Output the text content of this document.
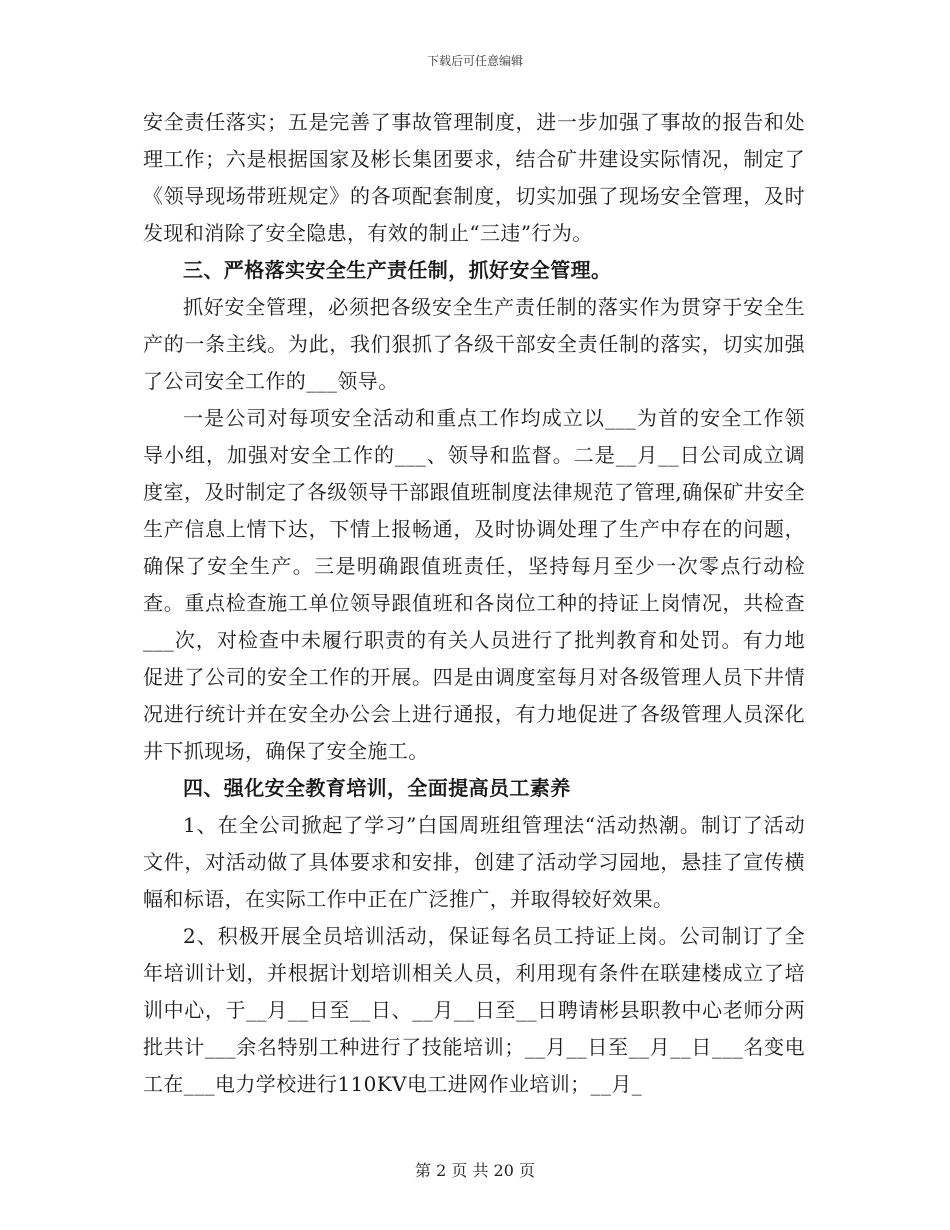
下载后可任意编辑

安全责任落实；五是完善了事故管理制度，进一步加强了事故的报告和处理工作；六是根据国家及彬长集团要求，结合矿井建设实际情况，制定了《领导现场带班规定》的各项配套制度，切实加强了现场安全管理，及时发现和消除了安全隐患，有效的制止“三违”行为。

三、严格落实安全生产责任制，抓好安全管理。

抓好安全管理，必须把各级安全生产责任制的落实作为贯穿于安全生产的一条主线。为此，我们狠抓了各级干部安全责任制的落实，切实加强了公司安全工作的___领导。

一是公司对每项安全活动和重点工作均成立以___为首的安全工作领导小组，加强对安全工作的___、领导和监督。二是__月__日公司成立调度室，及时制定了各级领导干部跟值班制度法律规范了管理,确保矿井安全生产信息上情下达，下情上报畅通，及时协调处理了生产中存在的问题，确保了安全生产。三是明确跟值班责任，坚持每月至少一次零点行动检查。重点检查施工单位领导跟值班和各岗位工种的持证上岗情况，共检查___次，对检查中未履行职责的有关人员进行了批判教育和处罚。有力地促进了公司的安全工作的开展。四是由调度室每月对各级管理人员下井情况进行统计并在安全办公会上进行通报，有力地促进了各级管理人员深化井下抓现场，确保了安全施工。

四、强化安全教育培训，全面提高员工素养

1、在全公司掀起了学习”白国周班组管理法“活动热潮。制订了活动文件，对活动做了具体要求和安排，创建了活动学习园地，悬挂了宣传横幅和标语，在实际工作中正在广泛推广，并取得较好效果。

2、积极开展全员培训活动，保证每名员工持证上岗。公司制订了全年培训计划，并根据计划培训相关人员，利用现有条件在联建楼成立了培训中心，于__月__日至__日、__月__日至__日聘请彬县职教中心老师分两批共计___余名特别工种进行了技能培训；__月__日至__月__日___名变电工在___电力学校进行110KV电工进网作业培训；__月_

第 2 页 共 20 页
